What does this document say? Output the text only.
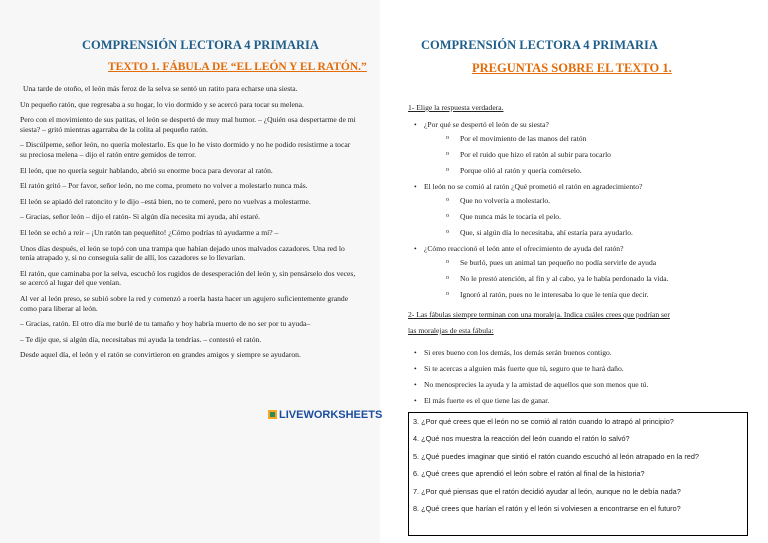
COMPRENSIÓN LECTORA 4 PRIMARIA
TEXTO 1. FÁBULA DE “EL LEÓN Y EL RATÓN.”

Una tarde de otoño, el león más feroz de la selva se sentó un ratito para echarse una siesta.

Un pequeño ratón, que regresaba a su hogar, lo vio dormido y se acercó para tocar su melena.

Pero con el movimiento de sus patitas, el león se despertó de muy mal humor. – ¿Quién osa despertarme de mi siesta? – gritó mientras agarraba de la colita al pequeño ratón.

– Discúlpeme, señor león, no quería molestarlo. Es que lo he visto dormido y no he podido resistirme a tocar su preciosa melena – dijo el ratón entre gemidos de terror.

El león, que no quería seguir hablando, abrió su enorme boca para devorar al ratón.

El ratón gritó – Por favor, señor león, no me coma, prometo no volver a molestarlo nunca más.

El león se apiadó del ratoncito y le dijo –está bien, no te comeré, pero no vuelvas a molestarme.

– Gracias, señor león – dijo el ratón- Si algún día necesita mi ayuda, ahí estaré.

El león se echó a reír – ¡Un ratón tan pequeñito! ¿Cómo podrías tú ayudarme a mí? –

Unos días después, el león se topó con una trampa que habían dejado unos malvados cazadores. Una red lo tenía atrapado y, si no conseguía salir de allí, los cazadores se lo llevarían.

El ratón, que caminaba por la selva, escuchó los rugidos de desesperación del león y, sin pensárselo dos veces, se acercó al lugar del que venían.

Al ver al león preso, se subió sobre la red y comenzó a roerla hasta hacer un agujero suficientemente grande como para liberar al león.

– Gracias, ratón. El otro día me burlé de tu tamaño y hoy habría muerto de no ser por tu ayuda–

– Te dije que, si algún día, necesitabas mi ayuda la tendrías. – contestó el ratón.

Desde aquel día, el león y el ratón se convirtieron en grandes amigos y siempre se ayudaron.

LIVEWORKSHEETS
COMPRENSIÓN LECTORA 4 PRIMARIA
PREGUNTAS SOBRE EL TEXTO 1.
1- Elige la respuesta verdadera.
• ¿Por qué se despertó el león de su siesta?
o Por el movimiento de las manos del ratón
o Por el ruido que hizo el ratón al subir para tocarlo
o Porque olió al ratón y quería comérselo.
• El león no se comió al ratón ¿Qué prometió el ratón en agradecimiento?
o Que no volvería a molestarlo.
o Que nunca más le tocaría el pelo.
o Que, si algún día lo necesitaba, ahí estaría para ayudarlo.
• ¿Cómo reaccionó el león ante el ofrecimiento de ayuda del ratón?
o Se burló, pues un animal tan pequeño no podía servirle de ayuda
o No le prestó atención, al fin y al cabo, ya le había perdonado la vida.
o Ignoró al ratón, pues no le interesaba lo que le tenía que decir.
2- Las fábulas siempre terminan con una moraleja. Indica cuáles crees que podrían ser
las moralejas de esta fábula:
• Si eres bueno con los demás, los demás serán buenos contigo.
• Si te acercas a alguien más fuerte que tú, seguro que te hará daño.
• No menosprecies la ayuda y la amistad de aquellos que son menos que tú.
• El más fuerte es el que tiene las de ganar.
3. ¿Por qué crees que el león no se comió al ratón cuando lo atrapó al principio?
4. ¿Qué nos muestra la reacción del león cuando el ratón lo salvó?
5. ¿Qué puedes imaginar que sintió el ratón cuando escuchó al león atrapado en la red?
6. ¿Qué crees que aprendió el león sobre el ratón al final de la historia?
7. ¿Por qué piensas que el ratón decidió ayudar al león, aunque no le debía nada?
8. ¿Qué crees que harían el ratón y el león si volviesen a encontrarse en el futuro?
